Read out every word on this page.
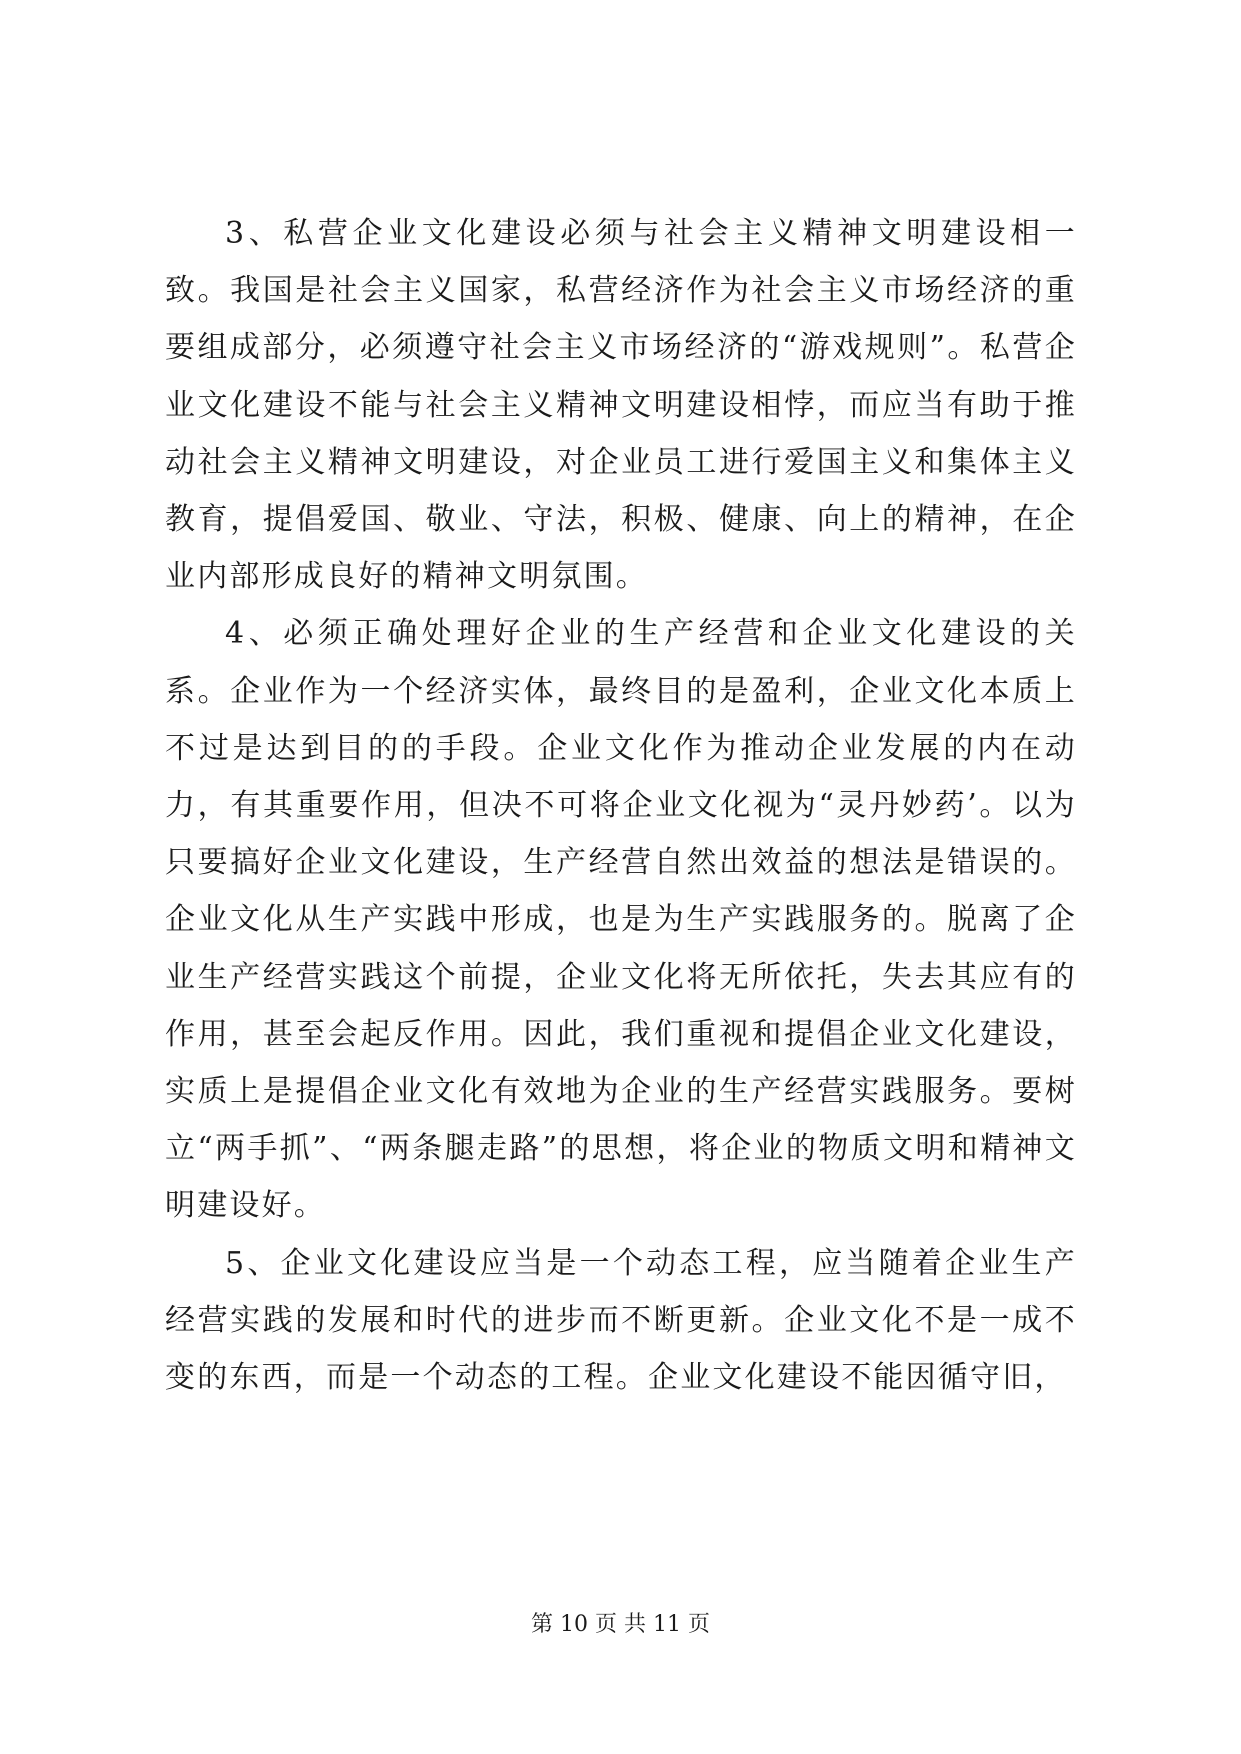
3、私营企业文化建设必须与社会主义精神文明建设相一致。我国是社会主义国家，私营经济作为社会主义市场经济的重要组成部分，必须遵守社会主义市场经济的“游戏规则”。私营企业文化建设不能与社会主义精神文明建设相悖，而应当有助于推动社会主义精神文明建设，对企业员工进行爱国主义和集体主义教育，提倡爱国、敬业、守法，积极、健康、向上的精神，在企业内部形成良好的精神文明氛围。

4、必须正确处理好企业的生产经营和企业文化建设的关系。企业作为一个经济实体，最终目的是盈利，企业文化本质上不过是达到目的的手段。企业文化作为推动企业发展的内在动力，有其重要作用，但决不可将企业文化视为“灵丹妙药’。以为只要搞好企业文化建设，生产经营自然出效益的想法是错误的。企业文化从生产实践中形成，也是为生产实践服务的。脱离了企业生产经营实践这个前提，企业文化将无所依托，失去其应有的作用，甚至会起反作用。因此，我们重视和提倡企业文化建设，实质上是提倡企业文化有效地为企业的生产经营实践服务。要树立“两手抓”、“两条腿走路”的思想，将企业的物质文明和精神文明建设好。

5、企业文化建设应当是一个动态工程，应当随着企业生产经营实践的发展和时代的进步而不断更新。企业文化不是一成不变的东西，而是一个动态的工程。企业文化建设不能因循守旧，

第 10 页 共 11 页
